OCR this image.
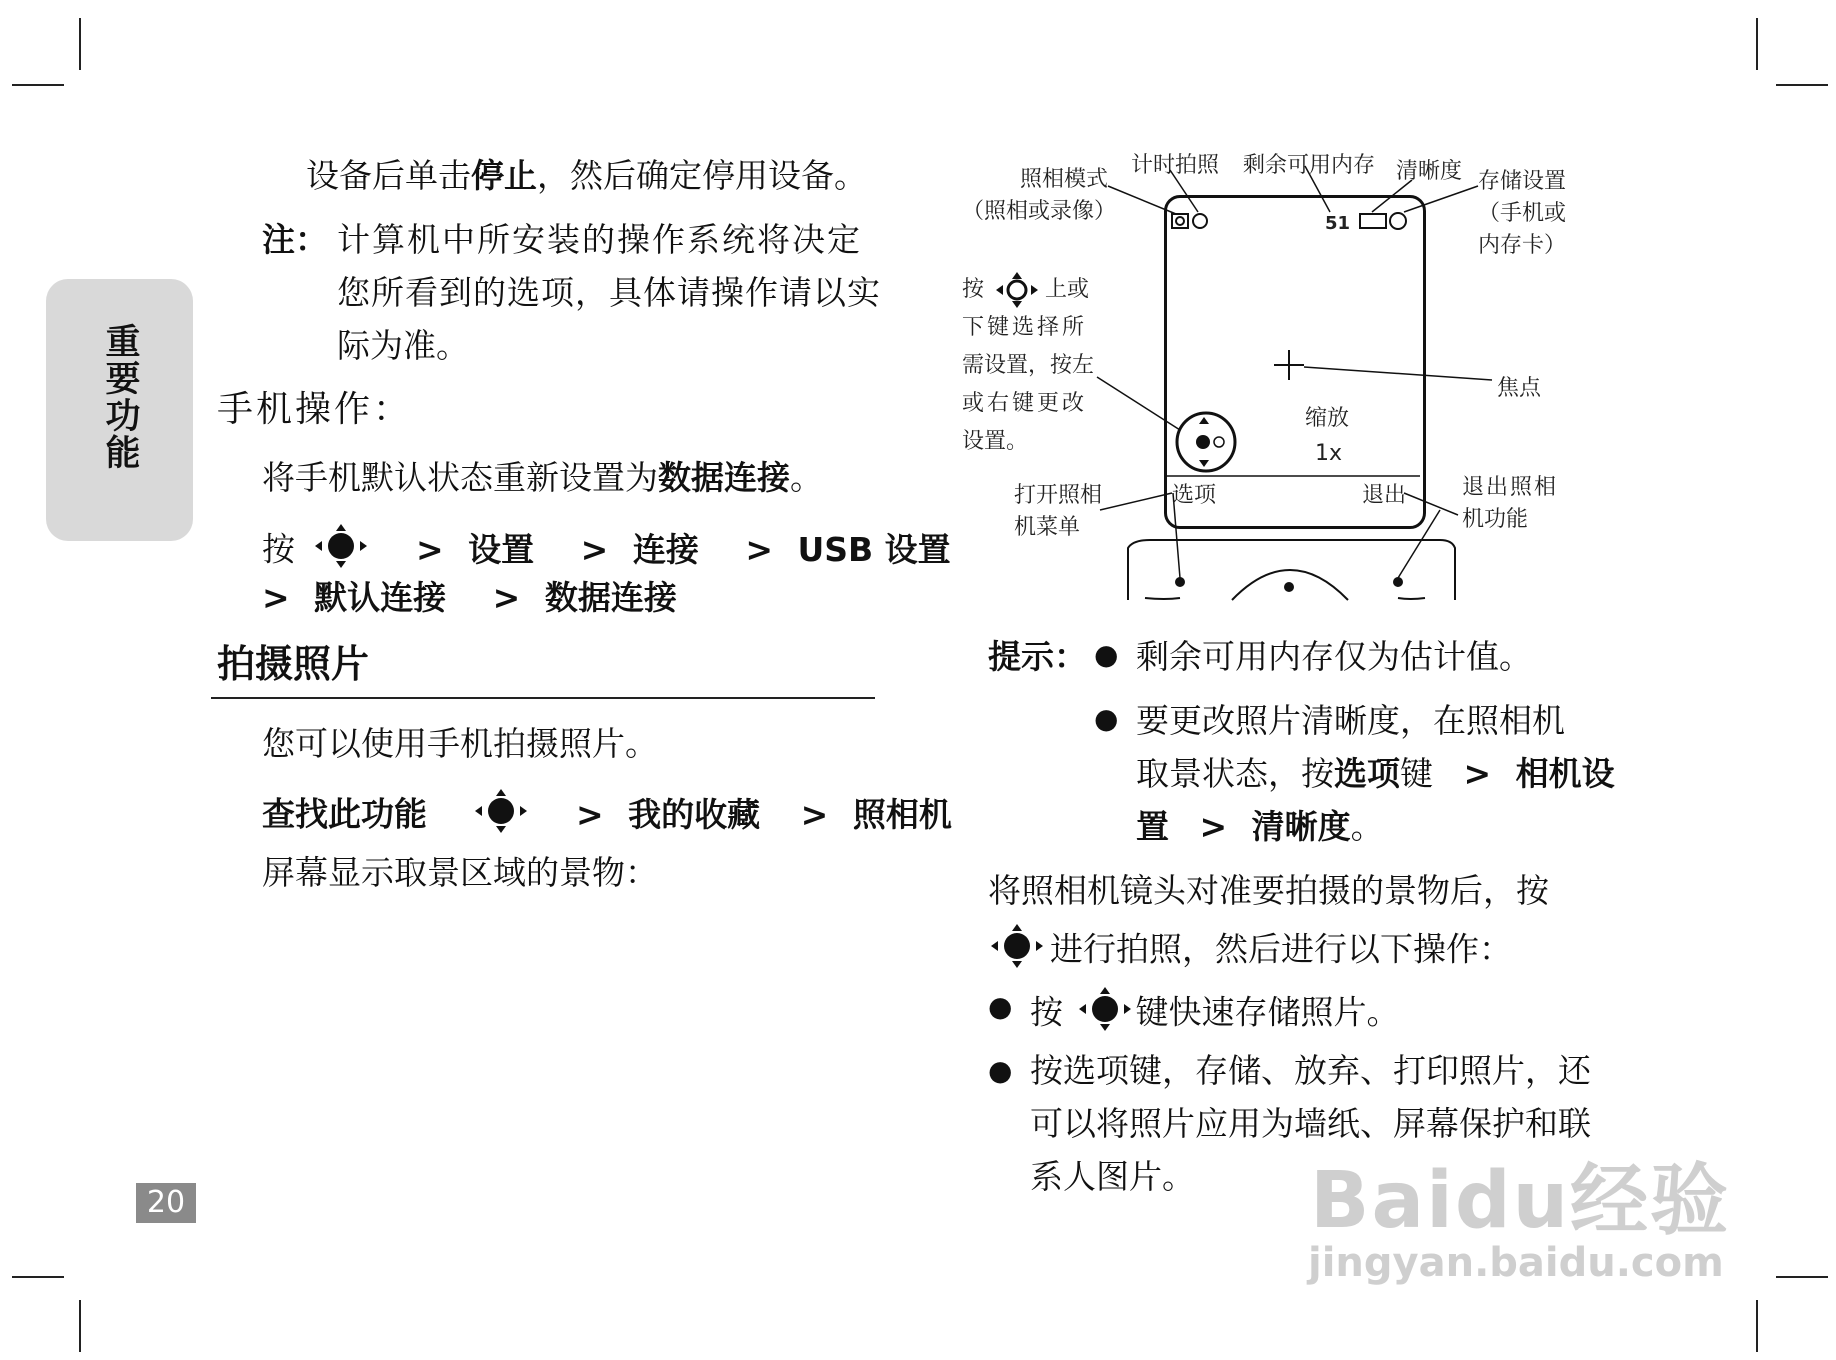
重要功能
20
设备后单击停止，然后确定停用设备。
注： 计算机中所安装的操作系统将决定
您所看到的选项，具体请操作请以实
际为准。
手机操作：
将手机默认状态重新设置为数据连接。
按	> 设置 > 连接 > USB 设置
> 默认连接 > 数据连接
拍摄照片
您可以使用手机拍摄照片。
查找此功能	> 我的收藏 > 照相机
屏幕显示取景区域的景物：
照相模式
（照相或录像）
计时拍照 剩余可用内存 清晰度 存储设置
（手机或
内存卡）
按	上或
下键选择所
需设置，按左
或右键更改
设置。
焦点
缩放
1x
51
选项	退出
打开照相
机菜单
退出照相
机功能
提示： ● 剩余可用内存仅为估计值。
● 要更改照片清晰度，在照相机
取景状态，按选项键 > 相机设
置 > 清晰度。
将照相机镜头对准要拍摄的景物后，按
进行拍照，然后进行以下操作：
● 按 键快速存储照片。
● 按选项键，存储、放弃、打印照片，还
可以将照片应用为墙纸、屏幕保护和联
系人图片。 Baidu经验
jingyan.baidu.com
